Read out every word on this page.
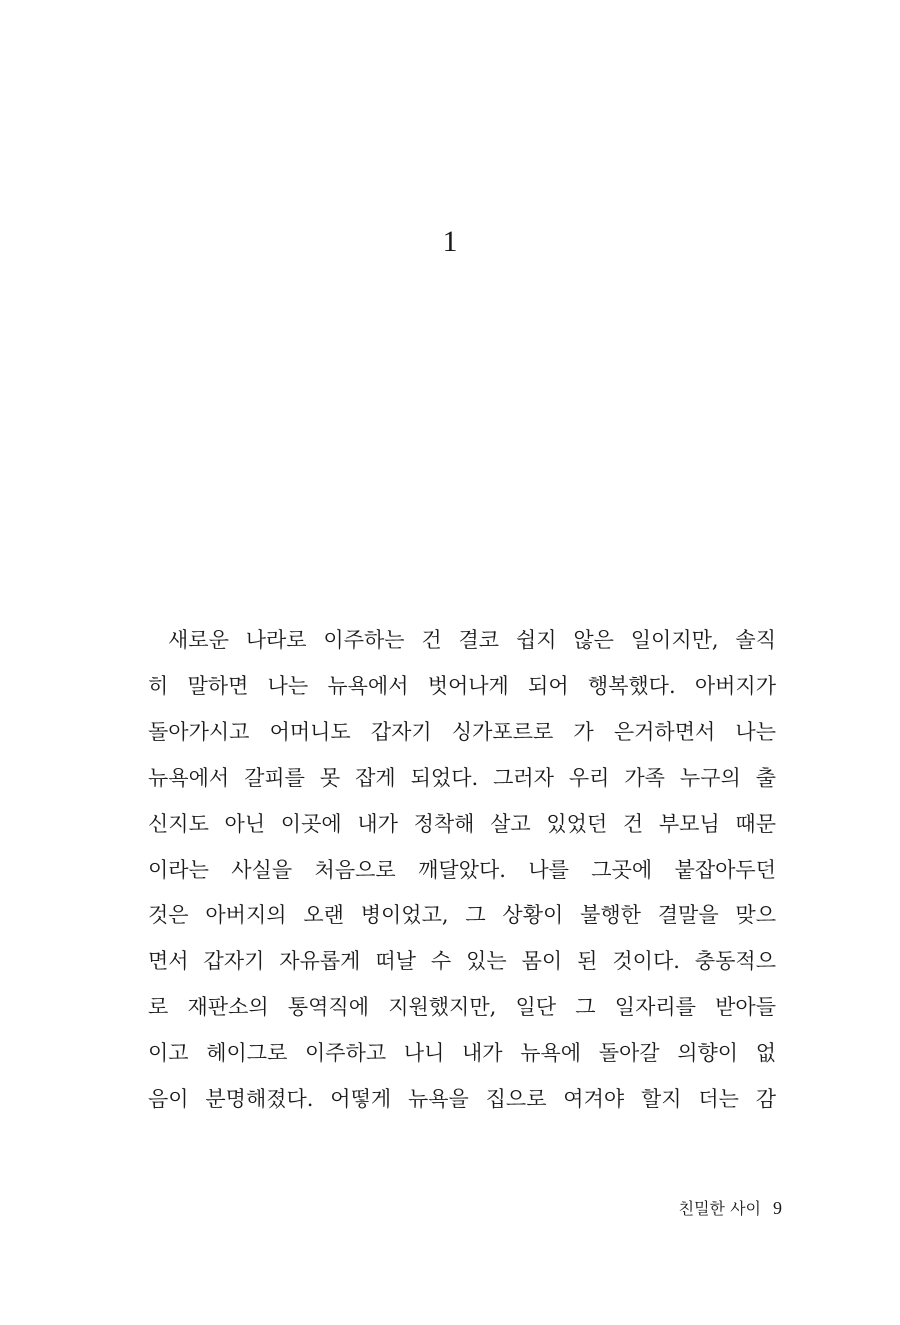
1
새로운 나라로 이주하는 건 결코 쉽지 않은 일이지만, 솔직
히 말하면 나는 뉴욕에서 벗어나게 되어 행복했다. 아버지가
돌아가시고 어머니도 갑자기 싱가포르로 가 은거하면서 나는
뉴욕에서 갈피를 못 잡게 되었다. 그러자 우리 가족 누구의 출
신지도 아닌 이곳에 내가 정착해 살고 있었던 건 부모님 때문
이라는 사실을 처음으로 깨달았다. 나를 그곳에 붙잡아두던
것은 아버지의 오랜 병이었고, 그 상황이 불행한 결말을 맞으
면서 갑자기 자유롭게 떠날 수 있는 몸이 된 것이다. 충동적으
로 재판소의 통역직에 지원했지만, 일단 그 일자리를 받아들
이고 헤이그로 이주하고 나니 내가 뉴욕에 돌아갈 의향이 없
음이 분명해졌다. 어떻게 뉴욕을 집으로 여겨야 할지 더는 감
친밀한 사이 9
